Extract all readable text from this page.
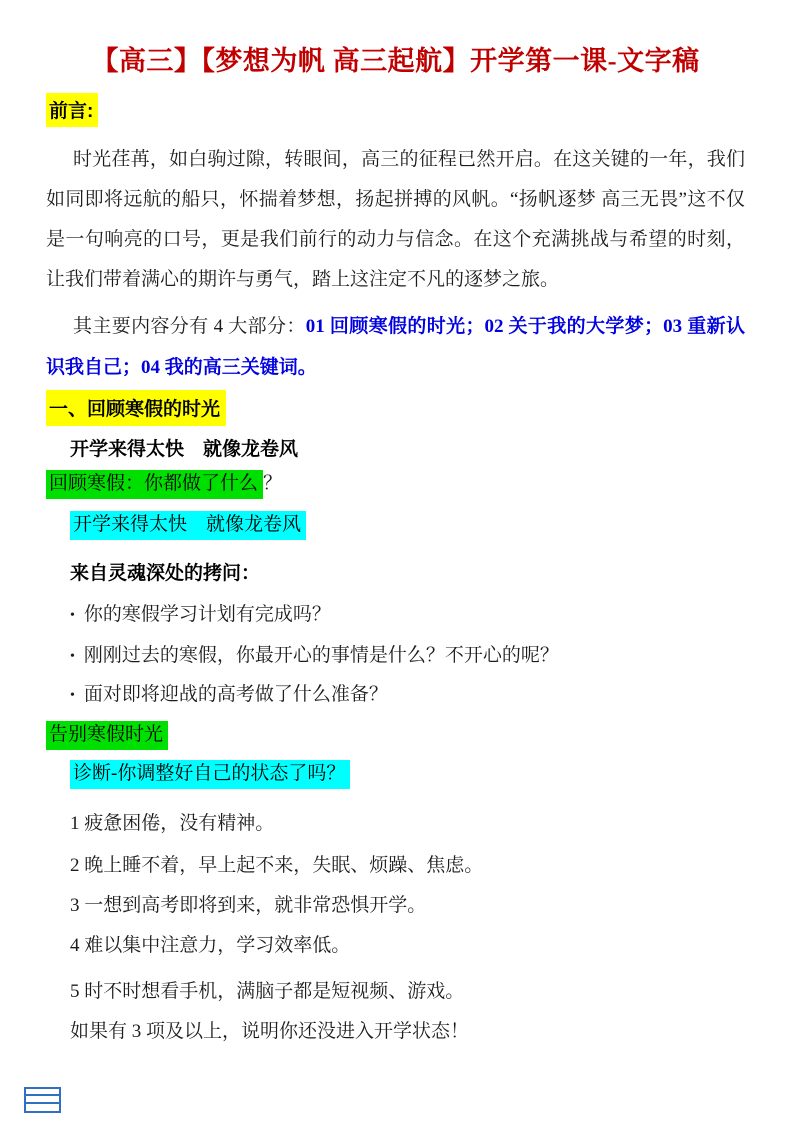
【高三】【梦想为帆 高三起航】开学第一课-文字稿
前言:

时光荏苒，如白驹过隙，转眼间，高三的征程已然开启。在这关键的一年，我们如同即将远航的船只，怀揣着梦想，扬起拼搏的风帆。“扬帆逐梦 高三无畏”这不仅是一句响亮的口号，更是我们前行的动力与信念。在这个充满挑战与希望的时刻，让我们带着满心的期许与勇气，踏上这注定不凡的逐梦之旅。

其主要内容分有 4 大部分：01 回顾寒假的时光；02 关于我的大学梦；03 重新认识我自己；04 我的高三关键词。

一、回顾寒假的时光
开学来得太快　就像龙卷风
回顾寒假：你都做了什么 ？
开学来得太快　就像龙卷风
来自灵魂深处的拷问：
• 你的寒假学习计划有完成吗？
• 刚刚过去的寒假，你最开心的事情是什么？不开心的呢？
• 面对即将迎战的高考做了什么准备？
告别寒假时光
诊断-你调整好自己的状态了吗？
1 疲惫困倦，没有精神。
2 晚上睡不着，早上起不来，失眠、烦躁、焦虑。
3 一想到高考即将到来，就非常恐惧开学。
4 难以集中注意力，学习效率低。
5 时不时想看手机，满脑子都是短视频、游戏。
如果有 3 项及以上，说明你还没进入开学状态！
